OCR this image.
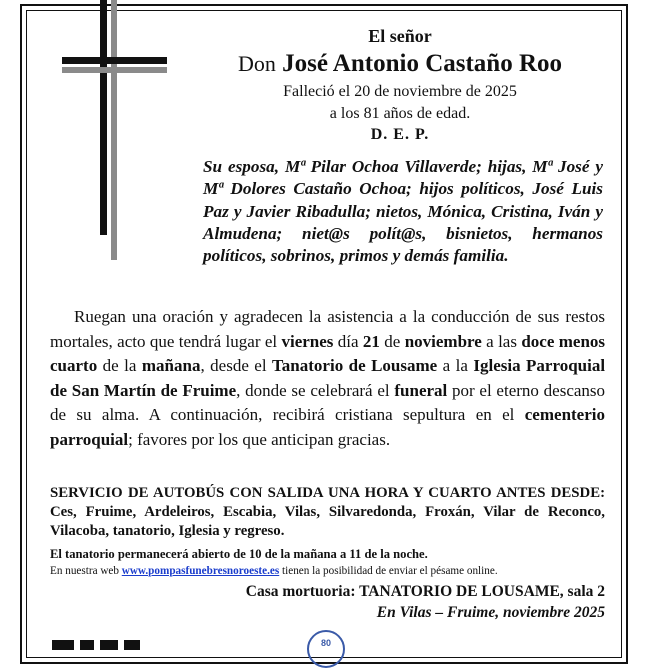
El señor
Don José Antonio Castaño Roo
Falleció el 20 de noviembre de 2025
a los 81 años de edad.
D. E. P.
Su esposa, Mª Pilar Ochoa Villaverde; hijas, Mª José y Mª Dolores Castaño Ochoa; hijos políticos, José Luis Paz y Javier Ribadulla; nietos, Mónica, Cristina, Iván y Almudena; niet@s polít@s, bisnietos, hermanos políticos, sobrinos, primos y demás familia.
Ruegan una oración y agradecen la asistencia a la conducción de sus restos mortales, acto que tendrá lugar el viernes día 21 de noviembre a las doce menos cuarto de la mañana, desde el Tanatorio de Lousame a la Iglesia Parroquial de San Martín de Fruime, donde se celebrará el funeral por el eterno descanso de su alma. A continuación, recibirá cristiana sepultura en el cementerio parroquial; favores por los que anticipan gracias.
SERVICIO DE AUTOBÚS CON SALIDA UNA HORA Y CUARTO ANTES DESDE: Ces, Fruime, Ardeleiros, Escabia, Vilas, Silvaredonda, Froxán, Vilar de Reconco, Vilacoba, tanatorio, Iglesia y regreso.
El tanatorio permanecerá abierto de 10 de la mañana a 11 de la noche.
En nuestra web www.pompasfunebresnoroeste.es tienen la posibilidad de enviar el pésame online.
Casa mortuoria: TANATORIO DE LOUSAME, sala 2
En Vilas – Fruime, noviembre 2025
80
